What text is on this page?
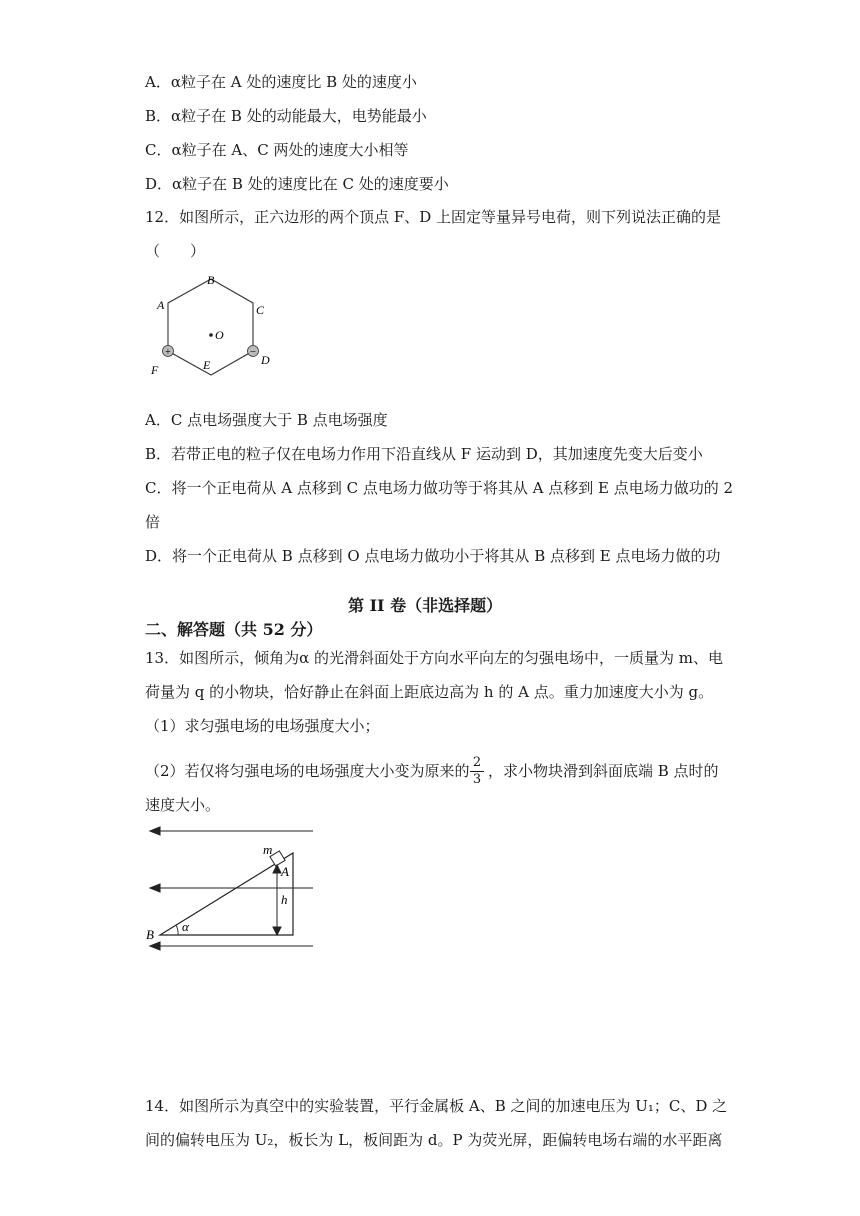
A．α粒子在 A 处的速度比 B 处的速度小
B．α粒子在 B 处的动能最大，电势能最小
C．α粒子在 A、C 两处的速度大小相等
D．α粒子在 B 处的速度比在 C 处的速度要小
12．如图所示，正六边形的两个顶点 F、D 上固定等量异号电荷，则下列说法正确的是
（　　）
+	−
B
A	C
O
D
F	E
A．C 点电场强度大于 B 点电场强度
B．若带正电的粒子仅在电场力作用下沿直线从 F 运动到 D，其加速度先变大后变小
C．将一个正电荷从 A 点移到 C 点电场力做功等于将其从 A 点移到 E 点电场力做功的 2
倍
D．将一个正电荷从 B 点移到 O 点电场力做功小于将其从 B 点移到 E 点电场力做的功
第 II 卷（非选择题）
二、解答题（共 52 分）
13．如图所示，倾角为α 的光滑斜面处于方向水平向左的匀强电场中，一质量为 m、电
荷量为 q 的小物块，恰好静止在斜面上距底边高为 h 的 A 点。重力加速度大小为 g。
（1）求匀强电场的电场强度大小；
（2）若仅将匀强电场的电场强度大小变为原来的 2
3 ，求小物块滑到斜面底端 B 点时的
速度大小。
m
A
h
B
α
14．如图所示为真空中的实验装置，平行金属板 A、B 之间的加速电压为 U₁；C、D 之
间的偏转电压为 U₂，板长为 L，板间距为 d。P 为荧光屏，距偏转电场右端的水平距离
